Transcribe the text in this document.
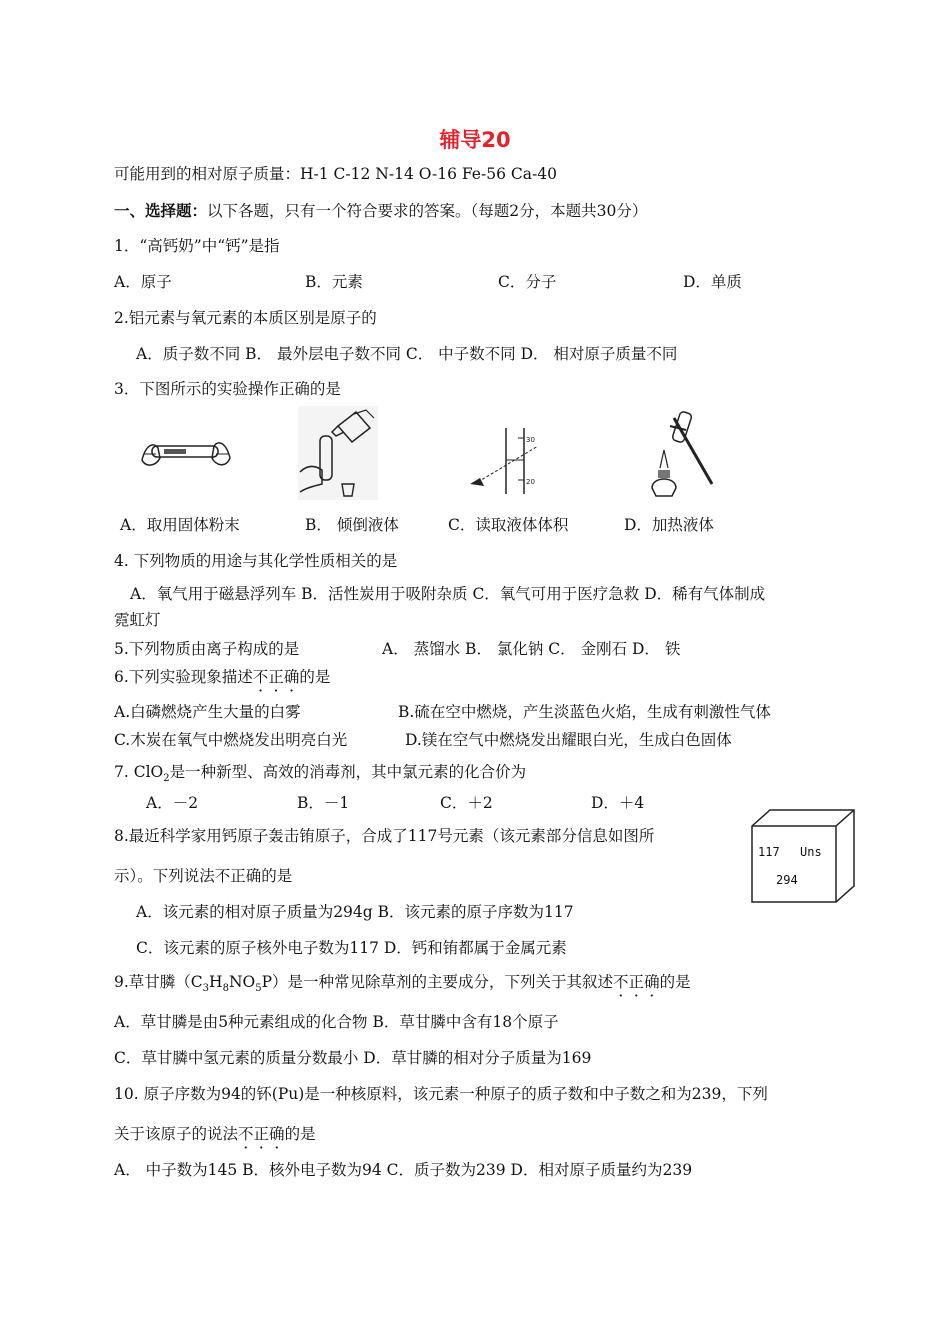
辅导20
可能用到的相对原子质量：H-1 C-12 N-14 O-16 Fe-56 Ca-40
一、选择题：以下各题，只有一个符合要求的答案。（每题2分，本题共30分）
1．“高钙奶”中“钙”是指
A．原子	B．元素	C．分子	D．单质
2.铝元素与氧元素的本质区别是原子的
A．质子数不同 B． 最外层电子数不同 C． 中子数不同 D． 相对原子质量不同
3．下图所示的实验操作正确的是
30
20
A．取用固体粉末	B． 倾倒液体	C．读取液体体积	D．加热液体
4. 下列物质的用途与其化学性质相关的是
A．氧气用于磁悬浮列车 B．活性炭用于吸附杂质 C．氧气可用于医疗急救 D．稀有气体制成
霓虹灯
5.下列物质由离子构成的是	A． 蒸馏水 B． 氯化钠 C． 金刚石 D． 铁
6.下列实验现象描述不正确的是
A.白磷燃烧产生大量的白雾	B.硫在空中燃烧，产生淡蓝色火焰，生成有刺激性气体
C.木炭在氧气中燃烧发出明亮白光	D.镁在空气中燃烧发出耀眼白光，生成白色固体
7. ClO$_2$是一种新型、高效的消毒剂，其中氯元素的化合价为
A．－2	B．－1	C．＋2	D．＋4
8.最近科学家用钙原子轰击铕原子，合成了117号元素（该元素部分信息如图所
示）。下列说法不正确的是
A．该元素的相对原子质量为294g B．该元素的原子序数为117
C．该元素的原子核外电子数为117 D．钙和铕都属于金属元素
117 Uns
294
9.草甘膦$(C_3H_8NO_5P)$是一种常见除草剂的主要成分，下列关于其叙述不正确的是
A．草甘膦是由5种元素组成的化合物 B．草甘膦中含有18个原子
C．草甘膦中氢元素的质量分数最小 D．草甘膦的相对分子质量为169
10. 原子序数为94的钚(Pu)是一种核原料，该元素一种原子的质子数和中子数之和为239，下列
关于该原子的说法不正确的是
A． 中子数为145 B．核外电子数为94 C．质子数为239 D．相对原子质量约为239
